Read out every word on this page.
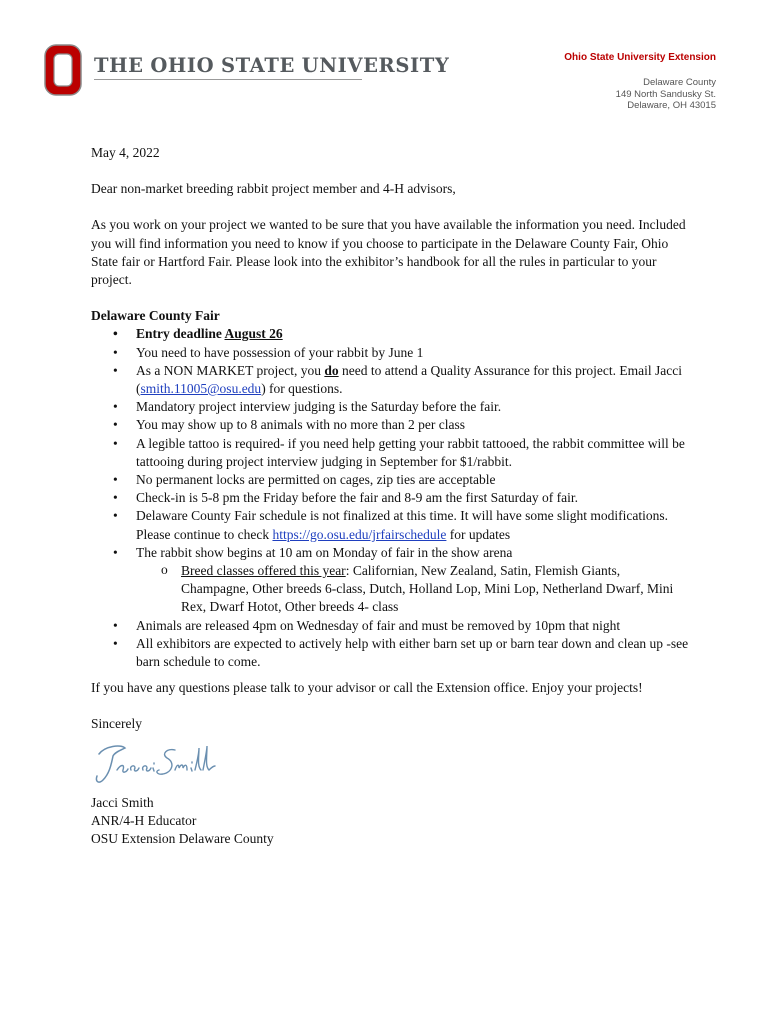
THE OHIO STATE UNIVERSITY	Ohio State University Extension
Delaware County
149 North Sandusky St.
Delaware, OH 43015

May 4, 2022

Dear non-market breeding rabbit project member and 4-H advisors,

As you work on your project we wanted to be sure that you have available the information you need. Included you will find information you need to know if you choose to participate in the Delaware County Fair, Ohio State fair or Hartford Fair. Please look into the exhibitor’s handbook for all the rules in particular to your project.

Delaware County Fair

• Entry deadline August 26
• You need to have possession of your rabbit by June 1
• As a NON MARKET project, you do need to attend a Quality Assurance for this project. Email Jacci (smith.11005@osu.edu) for questions.
• Mandatory project interview judging is the Saturday before the fair.
• You may show up to 8 animals with no more than 2 per class
• A legible tattoo is required- if you need help getting your rabbit tattooed, the rabbit committee will be tattooing during project interview judging in September for $1/rabbit.
• No permanent locks are permitted on cages, zip ties are acceptable
• Check-in is 5-8 pm the Friday before the fair and 8-9 am the first Saturday of fair.
• Delaware County Fair schedule is not finalized at this time. It will have some slight modifications. Please continue to check https://go.osu.edu/jrfairschedule for updates
• The rabbit show begins at 10 am on Monday of fair in the show arena
o Breed classes offered this year: Californian, New Zealand, Satin, Flemish Giants, Champagne, Other breeds 6-class, Dutch, Holland Lop, Mini Lop, Netherland Dwarf, Mini Rex, Dwarf Hotot, Other breeds 4- class
• Animals are released 4pm on Wednesday of fair and must be removed by 10pm that night
• All exhibitors are expected to actively help with either barn set up or barn tear down and clean up -see barn schedule to come.

If you have any questions please talk to your advisor or call the Extension office. Enjoy your projects!

Sincerely

Jacci Smith

ANR/4-H Educator

OSU Extension Delaware County
